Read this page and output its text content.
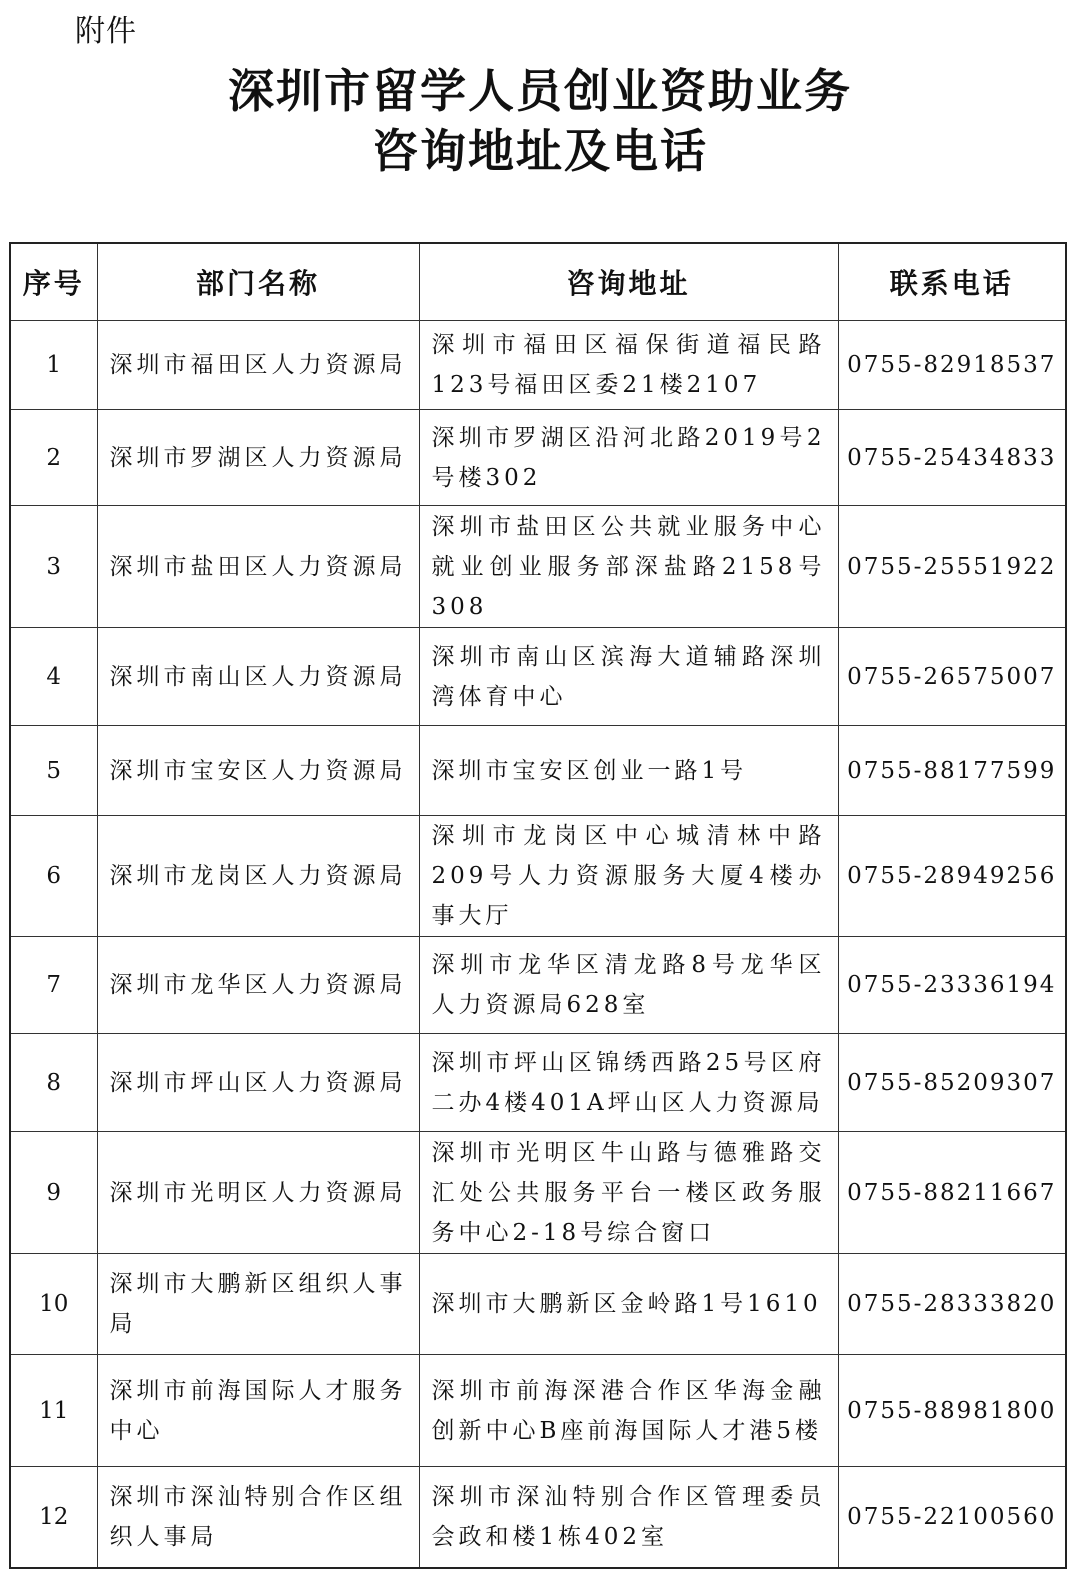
附件
深圳市留学人员创业资助业务
咨询地址及电话
序号	部门名称	咨询地址	联系电话
1	深圳市福田区人力资源局	深圳市福田区福保街道福民路123号福田区委21楼2107	0755-82918537
2	深圳市罗湖区人力资源局	深圳市罗湖区沿河北路2019号2号楼302	0755-25434833
3	深圳市盐田区人力资源局	深圳市盐田区公共就业服务中心就业创业服务部深盐路2158号308	0755-25551922
4	深圳市南山区人力资源局	深圳市南山区滨海大道辅路深圳湾体育中心	0755-26575007
5	深圳市宝安区人力资源局	深圳市宝安区创业一路1号	0755-88177599
6	深圳市龙岗区人力资源局	深圳市龙岗区中心城清林中路209号人力资源服务大厦4楼办事大厅	0755-28949256
7	深圳市龙华区人力资源局	深圳市龙华区清龙路8号龙华区人力资源局628室	0755-23336194
8	深圳市坪山区人力资源局	深圳市坪山区锦绣西路25号区府二办4楼401A坪山区人力资源局	0755-85209307
9	深圳市光明区人力资源局	深圳市光明区牛山路与德雅路交汇处公共服务平台一楼区政务服务中心2-18号综合窗口	0755-88211667
10	深圳市大鹏新区组织人事局	深圳市大鹏新区金岭路1号1610	0755-28333820
11	深圳市前海国际人才服务中心	深圳市前海深港合作区华海金融创新中心B座前海国际人才港5楼	0755-88981800
12	深圳市深汕特别合作区组织人事局	深圳市深汕特别合作区管理委员会政和楼1栋402室	0755-22100560
